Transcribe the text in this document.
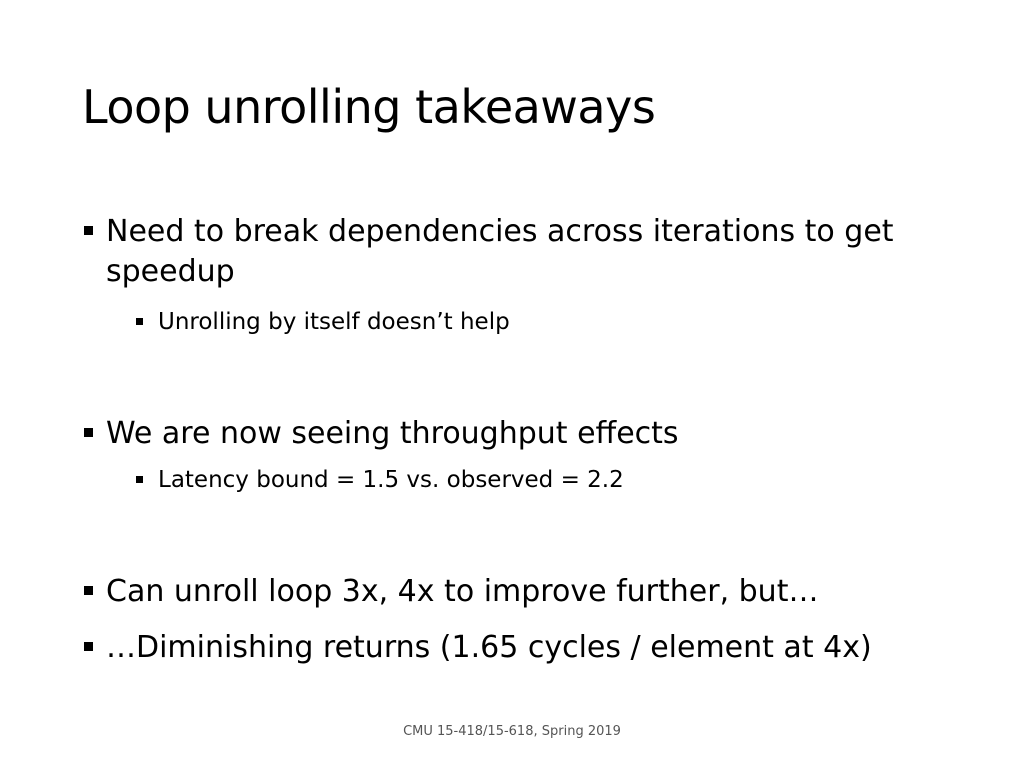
Loop unrolling takeaways
Need to break dependencies across iterations to get speedup
Unrolling by itself doesn’t help
We are now seeing throughput effects
Latency bound = 1.5 vs. observed = 2.2
Can unroll loop 3x, 4x to improve further, but…
…Diminishing returns (1.65 cycles / element at 4x)
CMU 15-418/15-618, Spring 2019
